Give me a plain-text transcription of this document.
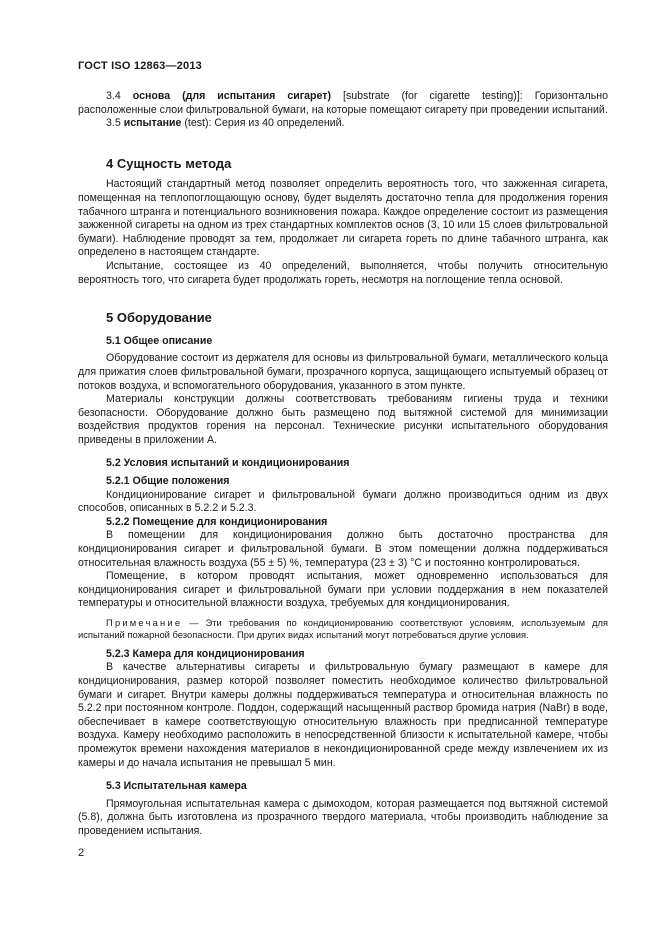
ГОСТ ISO 12863—2013

3.4 основа (для испытания сигарет) [substrate (for cigarette testing)]: Горизонтально расположенные слои фильтровальной бумаги, на которые помещают сигарету при проведении испытаний.

3.5 испытание (test): Серия из 40 определений.

4 Сущность метода

Настоящий стандартный метод позволяет определить вероятность того, что зажженная сигарета, помещенная на теплопоглощающую основу, будет выделять достаточно тепла для продолжения горения табачного штранга и потенциального возникновения пожара. Каждое определение состоит из размещения зажженной сигареты на одном из трех стандартных комплектов основ (3, 10 или 15 слоев фильтровальной бумаги). Наблюдение проводят за тем, продолжает ли сигарета гореть по длине табачного штранга, как определено в настоящем стандарте.

Испытание, состоящее из 40 определений, выполняется, чтобы получить относительную вероятность того, что сигарета будет продолжать гореть, несмотря на поглощение тепла основой.

5 Оборудование
5.1 Общее описание

Оборудование состоит из держателя для основы из фильтровальной бумаги, металлического кольца для прижатия слоев фильтровальной бумаги, прозрачного корпуса, защищающего испытуемый образец от потоков воздуха, и вспомогательного оборудования, указанного в этом пункте.

Материалы конструкции должны соответствовать требованиям гигиены труда и техники безопасности. Оборудование должно быть размещено под вытяжной системой для минимизации воздействия продуктов горения на персонал. Технические рисунки испытательного оборудования приведены в приложении А.

5.2 Условия испытаний и кондиционирования
5.2.1 Общие положения

Кондиционирование сигарет и фильтровальной бумаги должно производиться одним из двух способов, описанных в 5.2.2 и 5.2.3.

5.2.2 Помещение для кондиционирования

В помещении для кондиционирования должно быть достаточно пространства для кондиционирования сигарет и фильтровальной бумаги. В этом помещении должна поддерживаться относительная влажность воздуха (55 ± 5) %, температура (23 ± 3) °С и постоянно контролироваться.

Помещение, в котором проводят испытания, может одновременно использоваться для кондиционирования сигарет и фильтровальной бумаги при условии поддержания в нем показателей температуры и относительной влажности воздуха, требуемых для кондиционирования.

Примечание — Эти требования по кондиционированию соответствуют условиям, используемым для испытаний пожарной безопасности. При других видах испытаний могут потребоваться другие условия.
5.2.3 Камера для кондиционирования

В качестве альтернативы сигареты и фильтровальную бумагу размещают в камере для кондиционирования, размер которой позволяет поместить необходимое количество фильтровальной бумаги и сигарет. Внутри камеры должны поддерживаться температура и относительная влажность по 5.2.2 при постоянном контроле. Поддон, содержащий насыщенный раствор бромида натрия (NaBr) в воде, обеспечивает в камере соответствующую относительную влажность при предписанной температуре воздуха. Камеру необходимо расположить в непосредственной близости к испытательной камере, чтобы промежуток времени нахождения материалов в некондиционированной среде между извлечением их из камеры и до начала испытания не превышал 5 мин.

5.3 Испытательная камера

Прямоугольная испытательная камера с дымоходом, которая размещается под вытяжной системой (5.8), должна быть изготовлена из прозрачного твердого материала, чтобы производить наблюдение за проведением испытания.

2
